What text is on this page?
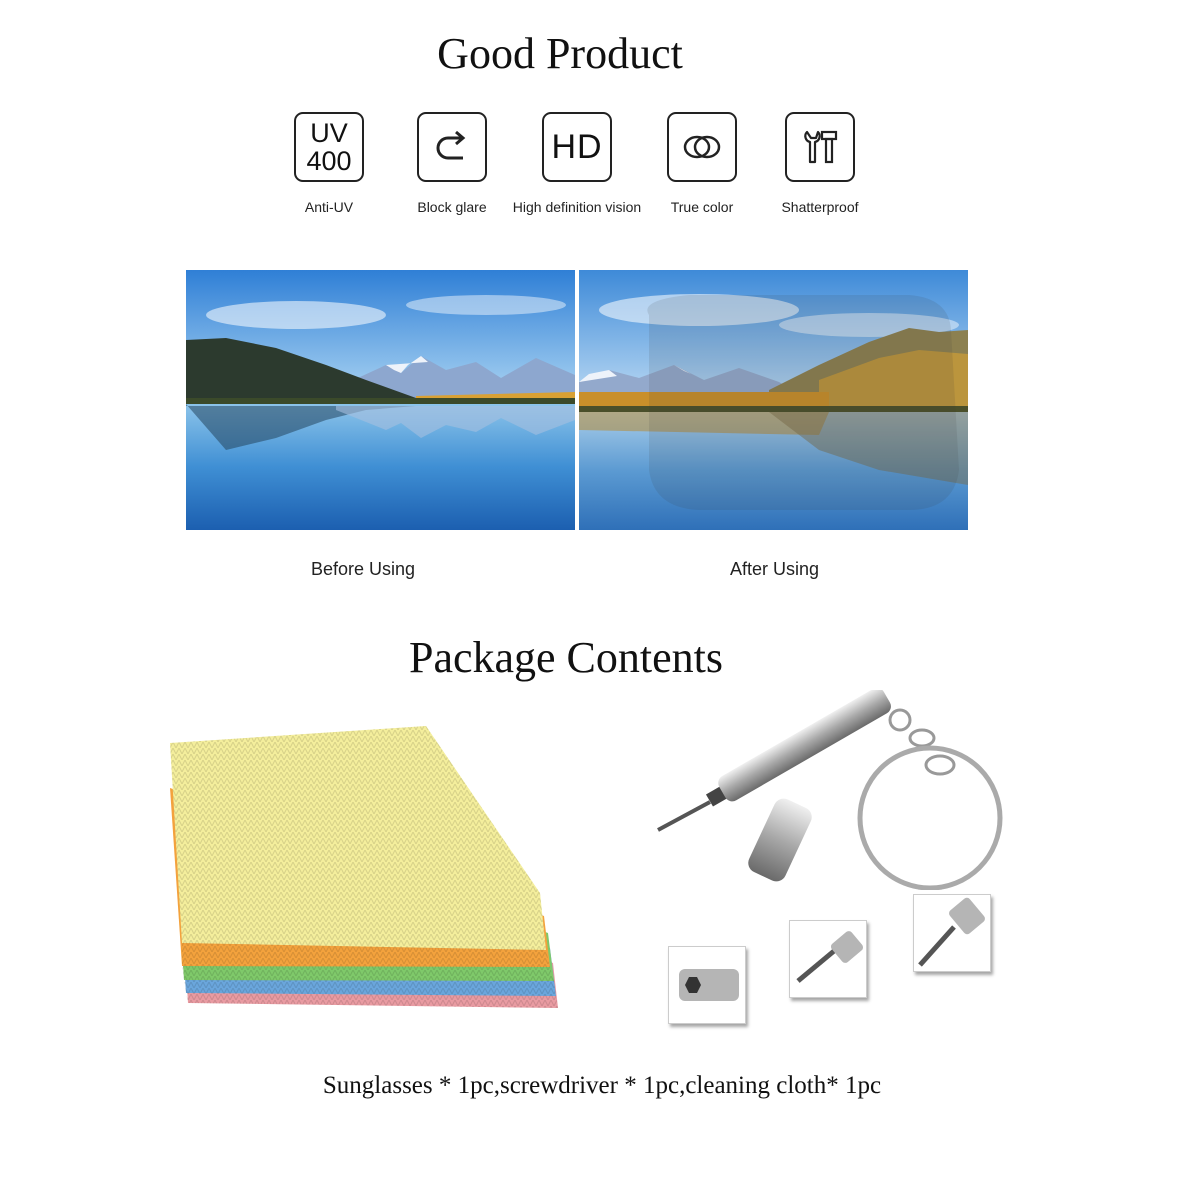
Good Product
UV
400
Anti-UV	Block glare
HD
High definition vision	True color	Shatterproof
Before Using	After Using
Package Contents
Sunglasses * 1pc,screwdriver * 1pc,cleaning cloth* 1pc
